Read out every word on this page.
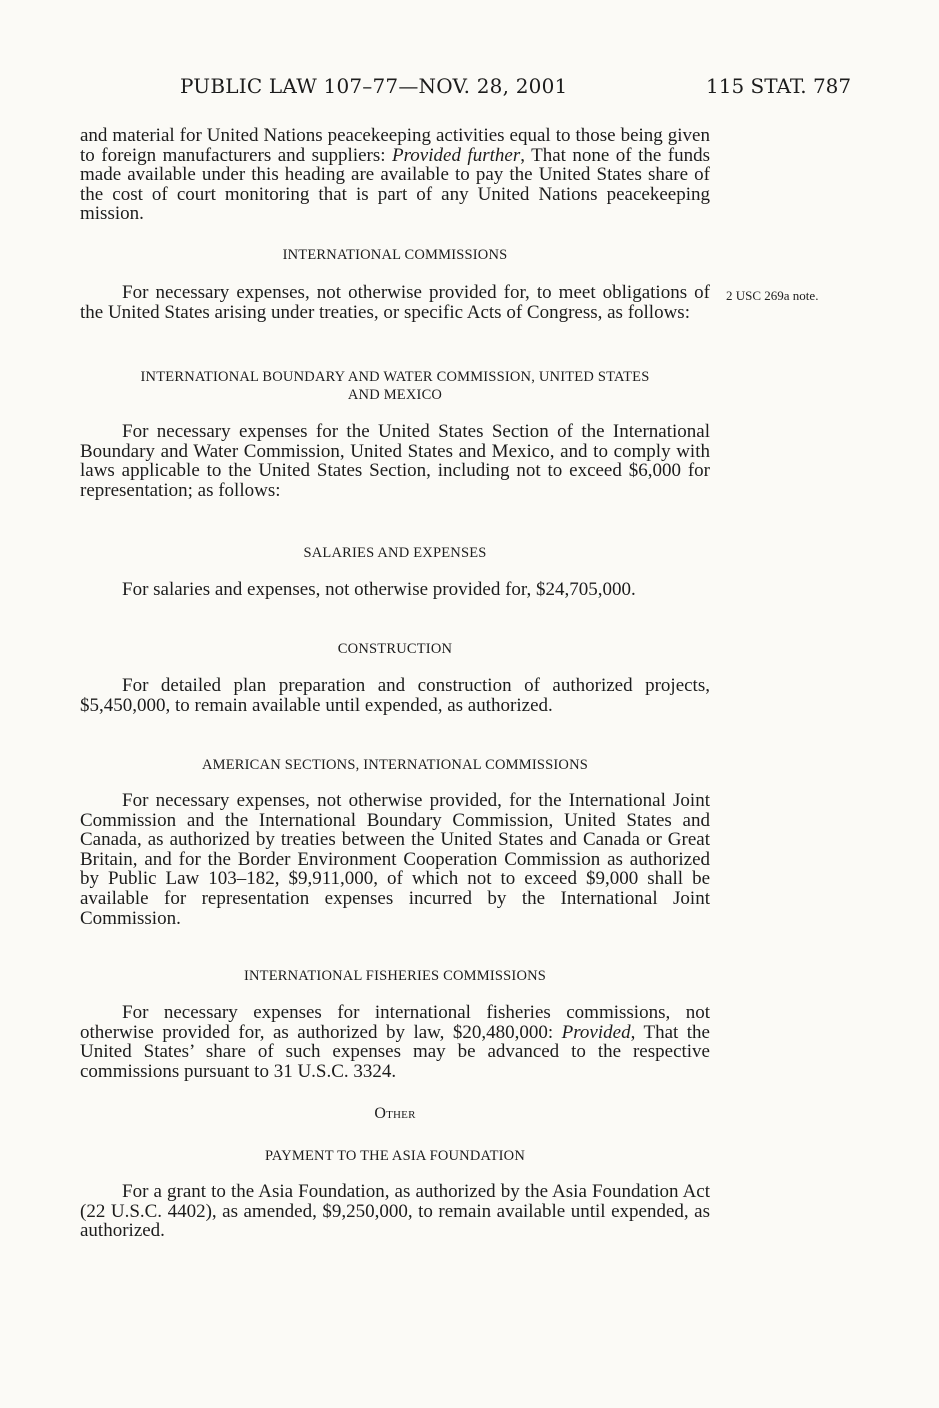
PUBLIC LAW 107–77—NOV. 28, 2001	115 STAT. 787
and material for United Nations peacekeeping activities equal to those being given to foreign manufacturers and suppliers: Provided further, That none of the funds made available under this heading are available to pay the United States share of the cost of court monitoring that is part of any United Nations peacekeeping mission.
INTERNATIONAL COMMISSIONS
For necessary expenses, not otherwise provided for, to meet obligations of the United States arising under treaties, or specific Acts of Congress, as follows:
2 USC 269a note.
INTERNATIONAL BOUNDARY AND WATER COMMISSION, UNITED STATES
AND MEXICO
For necessary expenses for the United States Section of the International Boundary and Water Commission, United States and Mexico, and to comply with laws applicable to the United States Section, including not to exceed $6,000 for representation; as follows:
SALARIES AND EXPENSES
For salaries and expenses, not otherwise provided for, $24,705,000.
CONSTRUCTION
For detailed plan preparation and construction of authorized projects, $5,450,000, to remain available until expended, as authorized.
AMERICAN SECTIONS, INTERNATIONAL COMMISSIONS
For necessary expenses, not otherwise provided, for the International Joint Commission and the International Boundary Commission, United States and Canada, as authorized by treaties between the United States and Canada or Great Britain, and for the Border Environment Cooperation Commission as authorized by Public Law 103–182, $9,911,000, of which not to exceed $9,000 shall be available for representation expenses incurred by the International Joint Commission.
INTERNATIONAL FISHERIES COMMISSIONS
For necessary expenses for international fisheries commissions, not otherwise provided for, as authorized by law, $20,480,000: Provided, That the United States’ share of such expenses may be advanced to the respective commissions pursuant to 31 U.S.C. 3324.
Other
PAYMENT TO THE ASIA FOUNDATION
For a grant to the Asia Foundation, as authorized by the Asia Foundation Act (22 U.S.C. 4402), as amended, $9,250,000, to remain available until expended, as authorized.
